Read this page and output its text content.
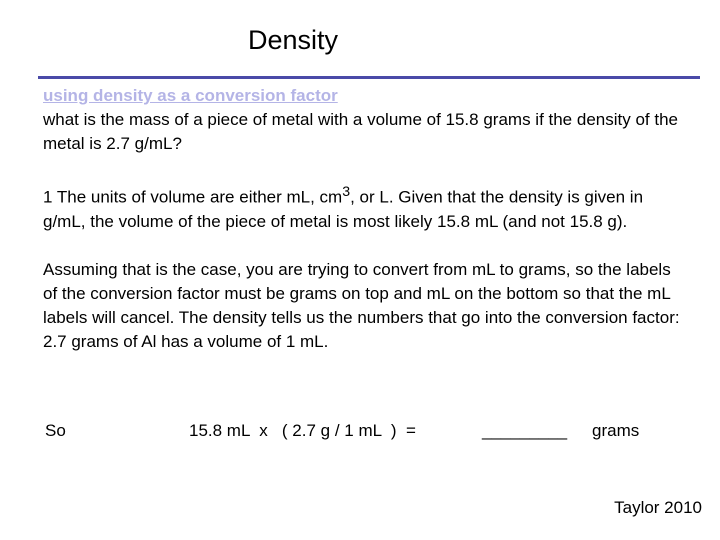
Density

using density as a conversion factor

what is the mass of a piece of metal with a volume of 15.8 grams if the density of the metal is 2.7 g/mL?

1 The units of volume are either mL, $cm^3$, or L. Given that the density is given in g/mL, the volume of the piece of metal is most likely 15.8 mL (and not 15.8 g).

Assuming that is the case, you are trying to convert from mL to grams, so the labels of the conversion factor must be grams on top and mL on the bottom so that the mL labels will cancel. The density tells us the numbers that go into the conversion factor: 2.7 grams of Al has a volume of 1 mL.

So	15.8 mL  x   ( 2.7 g / 1 mL  )  =	_________ grams
Taylor 2010
